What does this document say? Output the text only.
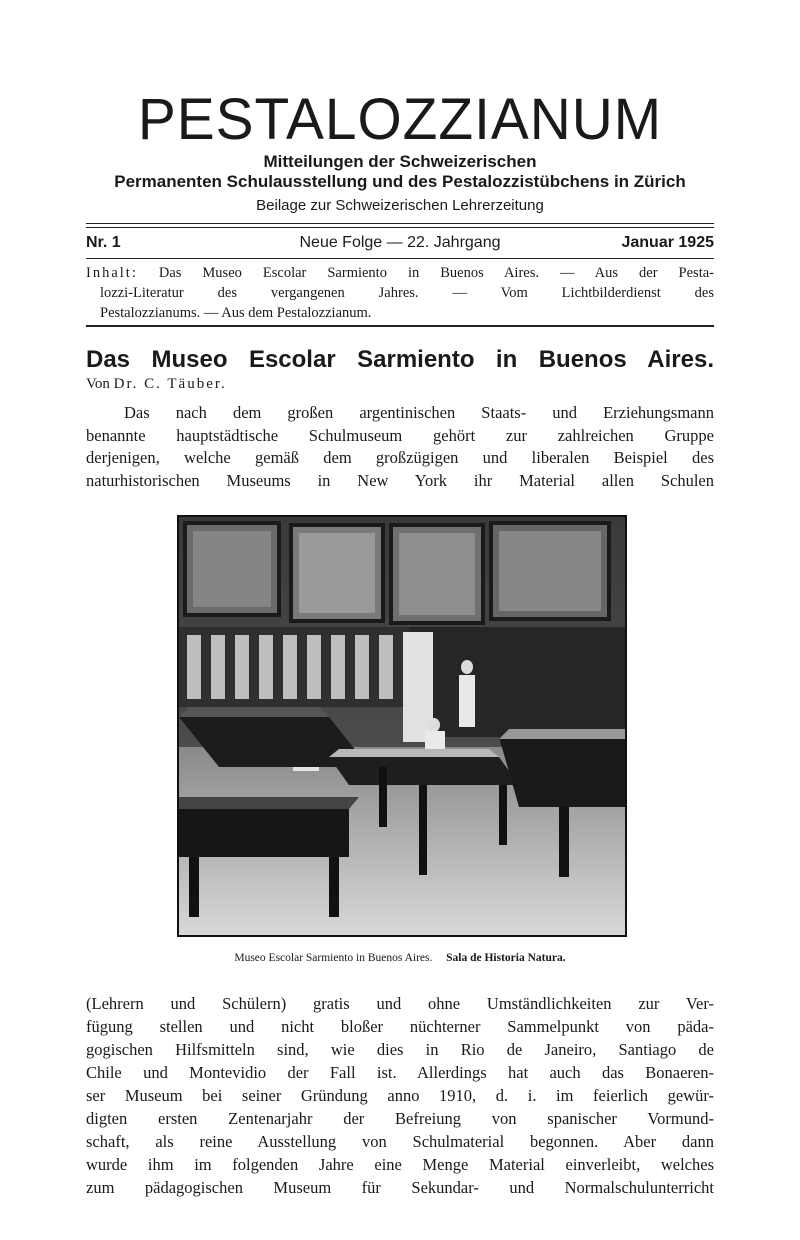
PESTALOZZIANUM
Mitteilungen der Schweizerischen
Permanenten Schulausstellung und des Pestalozzistübchens in Zürich
Beilage zur Schweizerischen Lehrerzeitung
Nr. 1	Neue Folge — 22. Jahrgang	Januar 1925
Inhalt: Das Museo Escolar Sarmiento in Buenos Aires. — Aus der Pesta-
lozzi-Literatur des vergangenen Jahres. — Vom Lichtbilderdienst des
Pestalozzianums. — Aus dem Pestalozzianum.
Das Museo Escolar Sarmiento in Buenos Aires.
Von Dr. C. Täuber.
Das nach dem großen argentinischen Staats- und Erziehungsmann
benannte hauptstädtische Schulmuseum gehört zur zahlreichen Gruppe
derjenigen, welche gemäß dem großzügigen und liberalen Beispiel des
naturhistorischen Museums in New York ihr Material allen Schulen
Museo Escolar Sarmiento in Buenos Aires. Sala de Historia Natura.
(Lehrern und Schülern) gratis und ohne Umständlichkeiten zur Ver-
fügung stellen und nicht bloßer nüchterner Sammelpunkt von päda-
gogischen Hilfsmitteln sind, wie dies in Rio de Janeiro, Santiago de
Chile und Montevidio der Fall ist. Allerdings hat auch das Bonaeren-
ser Museum bei seiner Gründung anno 1910, d. i. im feierlich gewür-
digten ersten Zentenarjahr der Befreiung von spanischer Vormund-
schaft, als reine Ausstellung von Schulmaterial begonnen. Aber dann
wurde ihm im folgenden Jahre eine Menge Material einverleibt, welches
zum pädagogischen Museum für Sekundar- und Normalschulunterricht
